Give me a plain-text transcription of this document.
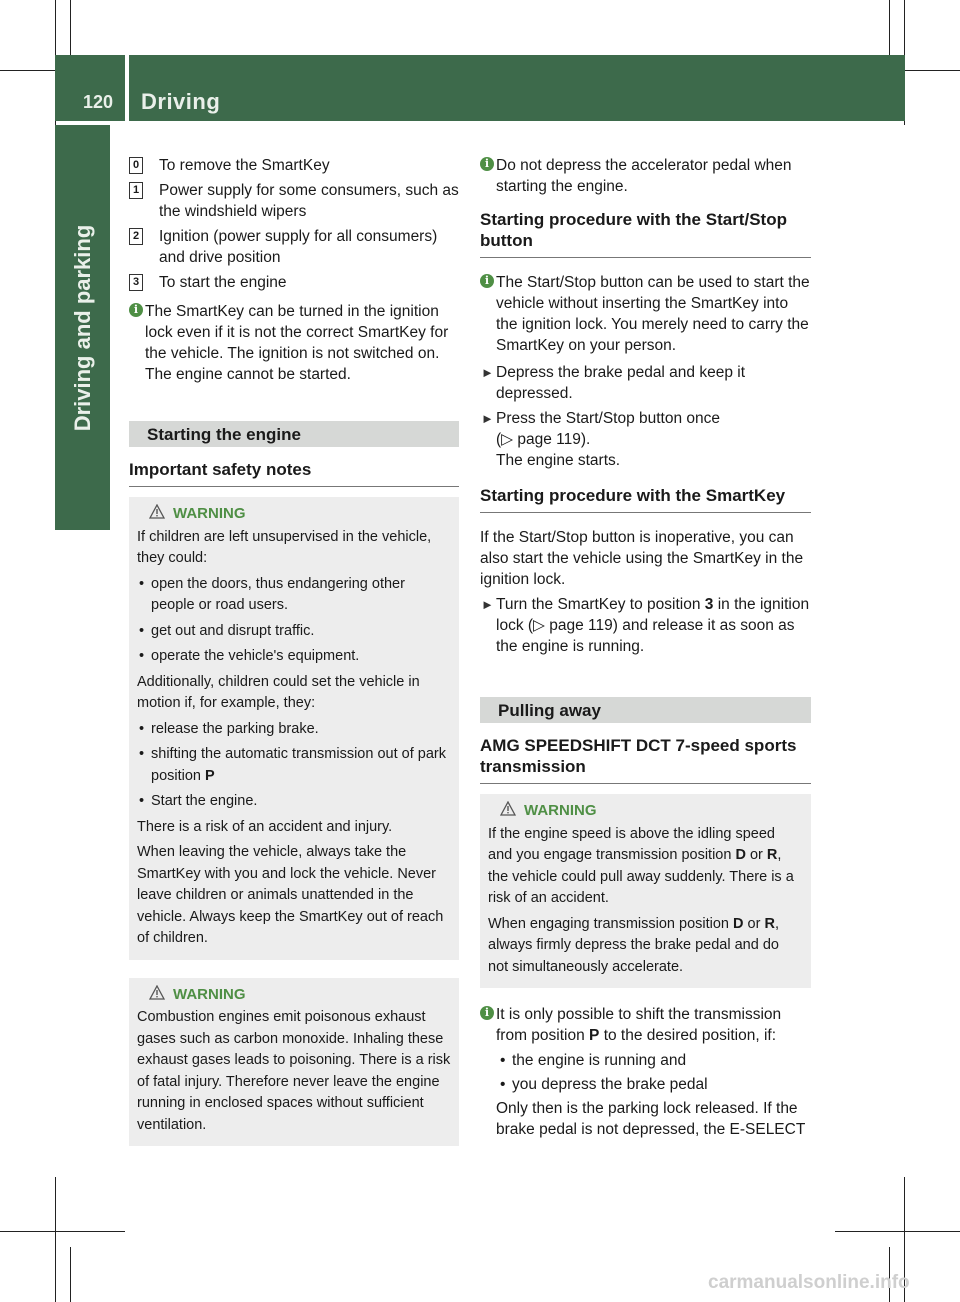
120 Driving
Driving and parking
0 To remove the SmartKey
1 Power supply for some consumers, such as the windshield wipers
2 Ignition (power supply for all consumers) and drive position
3 To start the engine
i The SmartKey can be turned in the ignition lock even if it is not the correct SmartKey for the vehicle. The ignition is not switched on. The engine cannot be started.
Starting the engine
Important safety notes
WARNING

If children are left unsupervised in the vehicle, they could:

• open the doors, thus endangering other people or road users.
• get out and disrupt traffic.
• operate the vehicle's equipment.

Additionally, children could set the vehicle in motion if, for example, they:

• release the parking brake.
• shifting the automatic transmission out of park position P
• Start the engine.

There is a risk of an accident and injury.

When leaving the vehicle, always take the SmartKey with you and lock the vehicle. Never leave children or animals unattended in the vehicle. Always keep the SmartKey out of reach of children.

WARNING

Combustion engines emit poisonous exhaust gases such as carbon monoxide. Inhaling these exhaust gases leads to poisoning. There is a risk of fatal injury. Therefore never leave the engine running in enclosed spaces without sufficient ventilation.

i Do not depress the accelerator pedal when starting the engine.
Starting procedure with the Start/Stop button
i The Start/Stop button can be used to start the vehicle without inserting the SmartKey into the ignition lock. You merely need to carry the SmartKey on your person.
► Depress the brake pedal and keep it depressed.
► Press the Start/Stop button once
(▷ page 119).
The engine starts.
Starting procedure with the SmartKey

If the Start/Stop button is inoperative, you can also start the vehicle using the SmartKey in the ignition lock.

► Turn the SmartKey to position 3 in the ignition lock (▷ page 119) and release it as soon as the engine is running.
Pulling away
AMG SPEEDSHIFT DCT 7-speed sports transmission
WARNING

If the engine speed is above the idling speed and you engage transmission position D or R, the vehicle could pull away suddenly. There is a risk of an accident.

When engaging transmission position D or R, always firmly depress the brake pedal and do not simultaneously accelerate.

i It is only possible to shift the transmission from position P to the desired position, if:
• the engine is running and
• you depress the brake pedal
Only then is the parking lock released. If the brake pedal is not depressed, the E-SELECT
carmanualsonline.info
